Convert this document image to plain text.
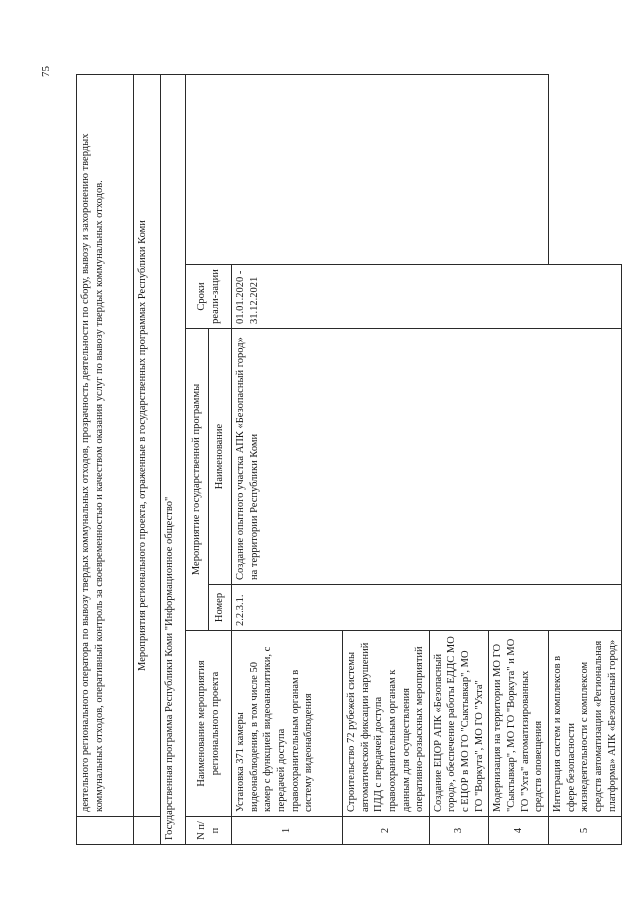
75
	деятельного регионального оператора по вывозу твердых коммунальных отходов, прозрачность деятельности по сбору, вывозу и захоронению твердых коммунальных отходов, оперативный контроль за своевременностью и качеством оказания услуг по вывозу твердых коммунальных отходов.				
	Мероприятия регионального проекта, отраженные в государственных программах Республики Коми				
Государственная программа Республики Коми "Информационное общество"					
N п/п	Наименование мероприятия регионального проекта	Мероприятие государственной программы		Сроки реали-зации	
		Номер	Наименование		
1	Установка 371 камеры видеонаблюдения, в том числе 50 камер с функцией видеоаналитики, с передачей доступа правоохранительным органам в систему видеонаблюдения	2.2.3.1.	Создание опытного участка АПК «Безопасный город» на территории Республики Коми	01.01.2020 - 31.12.2021	
2	Строительство 72 рубежей системы автоматической фиксации нарушений ПДД с передачей доступа правоохранительным органам к данным для осуществления оперативно-розыскных мероприятий				
3	Создание ЕЦОР АПК «Безопасный город», обеспечение работы ЕДДС МО с ЕЦОР в МО ГО "Сыктывкар", МО ГО "Воркута", МО ГО "Ухта"				
4	Модернизация на территории МО ГО "Сыктывкар", МО ГО "Воркута" и МО ГО "Ухта" автоматизированных средств оповещения				
5	Интеграция систем и комплексов в сфере безопасности жизнедеятельности с комплексом средств автоматизации «Региональная платформа» АПК «Безопасный город»				
